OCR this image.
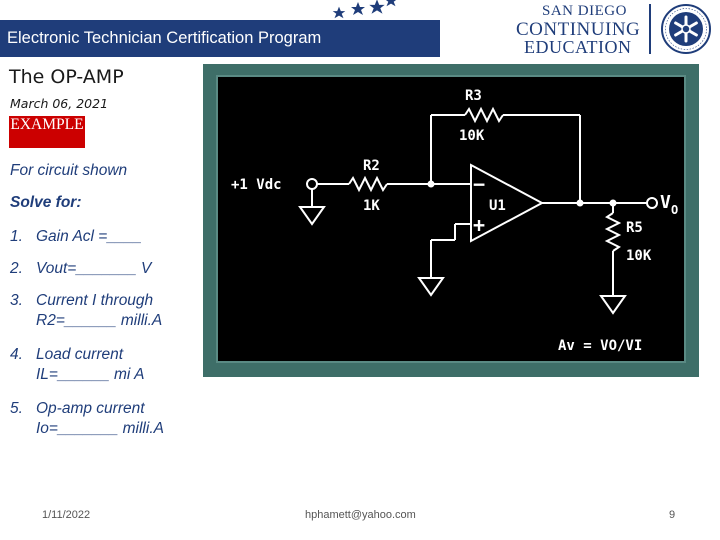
Electronic Technician Certification Program
SAN DIEGO
CONTINUING
EDUCATION
The OP-AMP
March 06, 2021
EXAMPLE
For circuit shown
Solve for:
1. Gain Acl =____
2. Vout=_______ V
3. Current I through
R2=______ milli.A
4. Load current
IL=______ mi A
5. Op-amp current
Io=_______ milli.A
R3
10K
R2
1K
+1 Vdc
U1
R5
10K
Av = VO/VI
−
+
V O
1/11/2022	hphamett@yahoo.com	9
